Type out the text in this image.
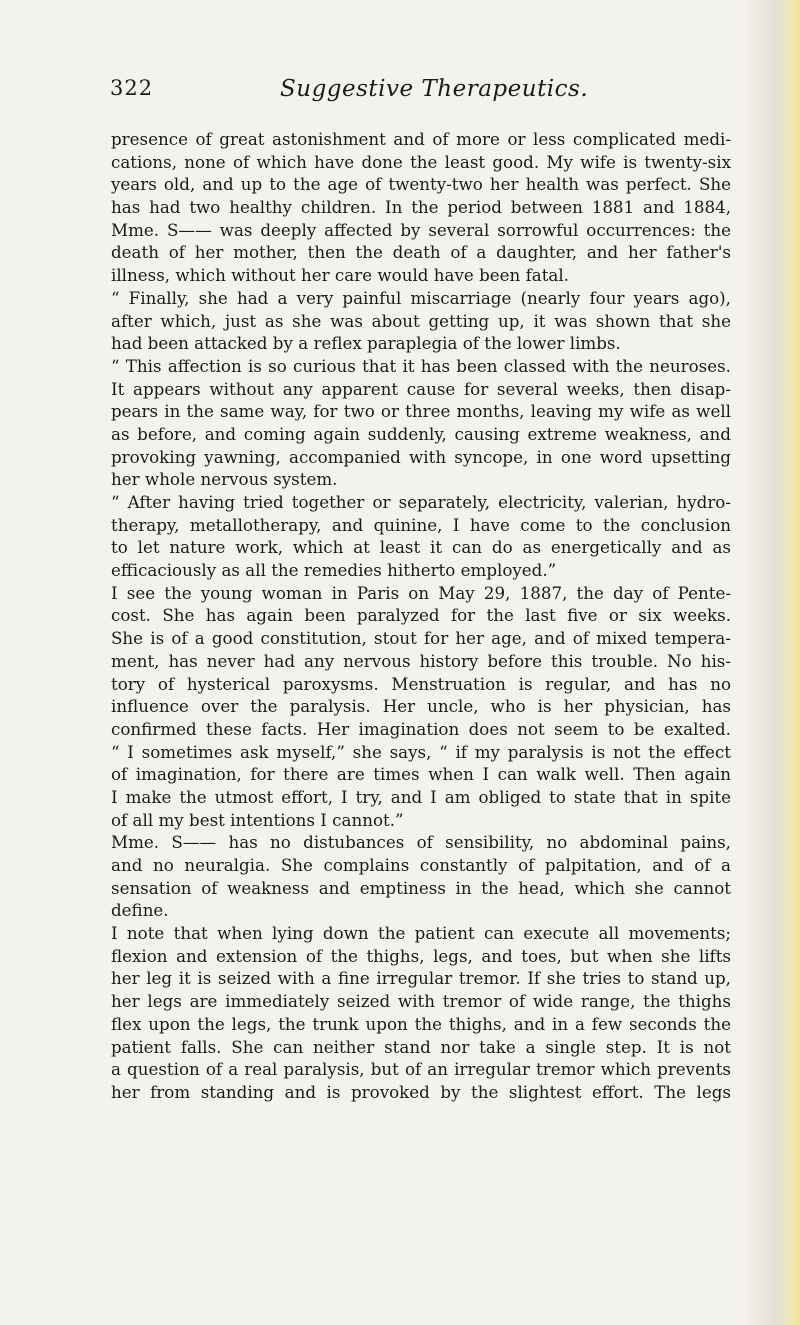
322	Suggestive Therapeutics.
presence of great astonishment and of more or less complicated medi-
cations, none of which have done the least good. My wife is twenty-six
years old, and up to the age of twenty-two her health was perfect. She
has had two healthy children. In the period between 1881 and 1884,
Mme. S—— was deeply affected by several sorrowful occurrences: the
death of her mother, then the death of a daughter, and her father's
illness, which without her care would have been fatal.
“ Finally, she had a very painful miscarriage (nearly four years ago),
after which, just as she was about getting up, it was shown that she
had been attacked by a reflex paraplegia of the lower limbs.
“ This affection is so curious that it has been classed with the neuroses.
It appears without any apparent cause for several weeks, then disap-
pears in the same way, for two or three months, leaving my wife as well
as before, and coming again suddenly, causing extreme weakness, and
provoking yawning, accompanied with syncope, in one word upsetting
her whole nervous system.
“ After having tried together or separately, electricity, valerian, hydro-
therapy, metallotherapy, and quinine, I have come to the conclusion
to let nature work, which at least it can do as energetically and as
efficaciously as all the remedies hitherto employed.”
I see the young woman in Paris on May 29, 1887, the day of Pente-
cost. She has again been paralyzed for the last five or six weeks.
She is of a good constitution, stout for her age, and of mixed tempera-
ment, has never had any nervous history before this trouble. No his-
tory of hysterical paroxysms. Menstruation is regular, and has no
influence over the paralysis. Her uncle, who is her physician, has
confirmed these facts. Her imagination does not seem to be exalted.
“ I sometimes ask myself,” she says, “ if my paralysis is not the effect
of imagination, for there are times when I can walk well. Then again
I make the utmost effort, I try, and I am obliged to state that in spite
of all my best intentions I cannot.”
Mme. S—— has no distubances of sensibility, no abdominal pains,
and no neuralgia. She complains constantly of palpitation, and of a
sensation of weakness and emptiness in the head, which she cannot
define.
I note that when lying down the patient can execute all movements;
flexion and extension of the thighs, legs, and toes, but when she lifts
her leg it is seized with a fine irregular tremor. If she tries to stand up,
her legs are immediately seized with tremor of wide range, the thighs
flex upon the legs, the trunk upon the thighs, and in a few seconds the
patient falls. She can neither stand nor take a single step. It is not
a question of a real paralysis, but of an irregular tremor which prevents
her from standing and is provoked by the slightest effort. The legs
